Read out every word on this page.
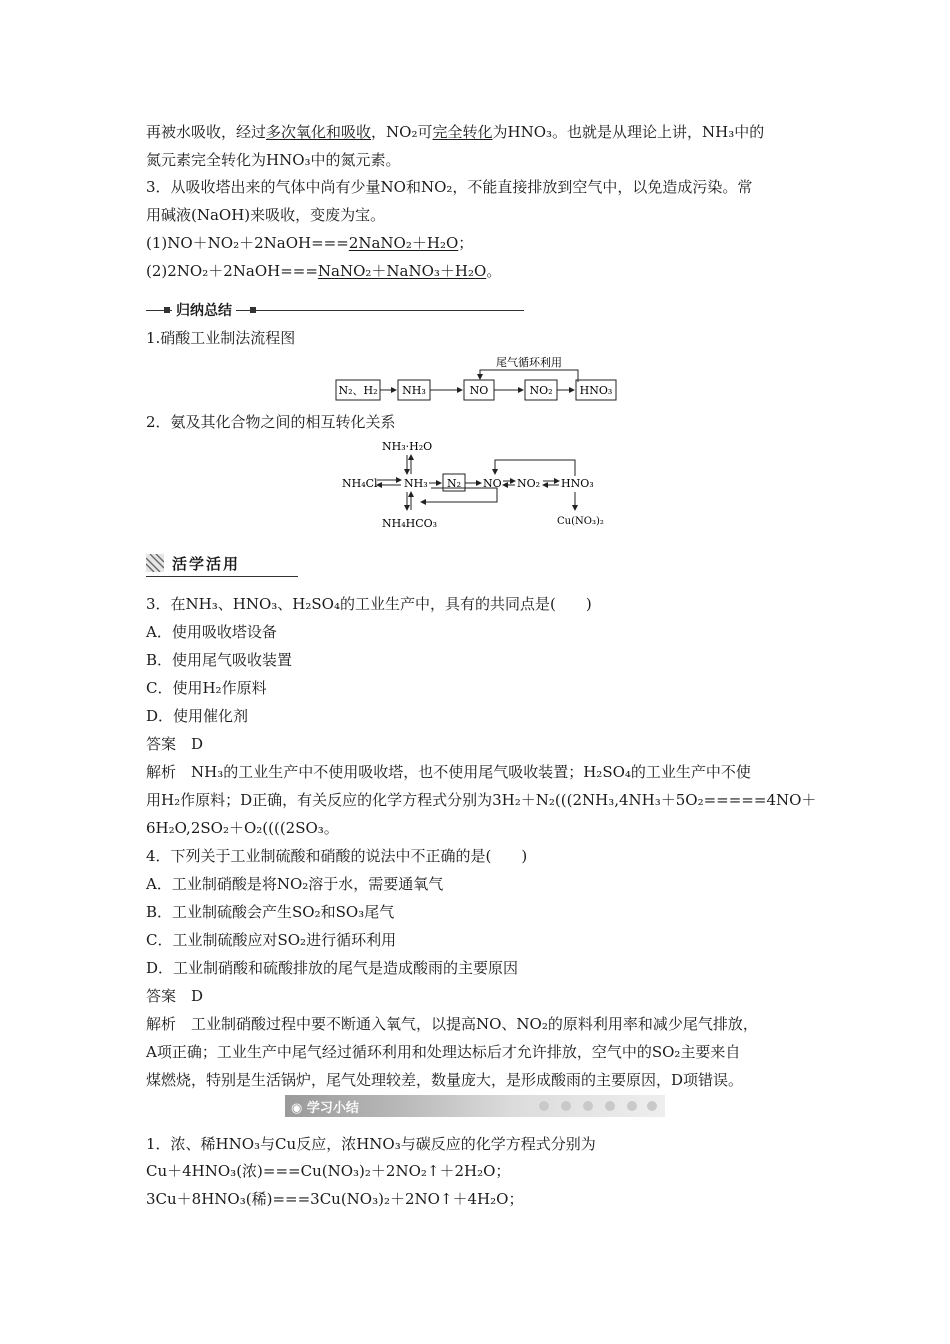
再被水吸收，经过多次氧化和吸收，NO₂可完全转化为HNO₃。也就是从理论上讲，NH₃中的
氮元素完全转化为HNO₃中的氮元素。
3．从吸收塔出来的气体中尚有少量NO和NO₂，不能直接排放到空气中，以免造成污染。常
用碱液(NaOH)来吸收，变废为宝。
(1)NO＋NO₂＋2NaOH===2NaNO₂＋H₂O；
(2)2NO₂＋2NaOH===NaNO₂＋NaNO₃＋H₂O。
归纳总结
1.硝酸工业制法流程图
尾气循环利用
N₂、H₂ NH₃	NO	NO₂ HNO₃
2．氨及其化合物之间的相互转化关系
NH₃·H₂O
NH₄Cl NH₃ N₂ NO NO₂ HNO₃
Cu(NO₃)₂
NH₄HCO₃
活学活用
3．在NH₃、HNO₃、H₂SO₄的工业生产中，具有的共同点是(　　)
A．使用吸收塔设备
B．使用尾气吸收装置
C．使用H₂作原料
D．使用催化剂
答案　D
解析　NH₃的工业生产中不使用吸收塔，也不使用尾气吸收装置；H₂SO₄的工业生产中不使
用H₂作原料；D正确，有关反应的化学方程式分别为3H₂＋N₂(((2NH₃,4NH₃＋5O₂=====4NO＋
6H₂O,2SO₂＋O₂((((2SO₃。
4．下列关于工业制硫酸和硝酸的说法中不正确的是(　　)
A．工业制硝酸是将NO₂溶于水，需要通氧气
B．工业制硫酸会产生SO₂和SO₃尾气
C．工业制硫酸应对SO₂进行循环利用
D．工业制硝酸和硫酸排放的尾气是造成酸雨的主要原因
答案　D
解析　工业制硝酸过程中要不断通入氧气，以提高NO、NO₂的原料利用率和减少尾气排放，
A项正确；工业生产中尾气经过循环利用和处理达标后才允许排放，空气中的SO₂主要来自
煤燃烧，特别是生活锅炉，尾气处理较差，数量庞大，是形成酸雨的主要原因，D项错误。
◉ 学习小结
1．浓、稀HNO₃与Cu反应，浓HNO₃与碳反应的化学方程式分别为
Cu＋4HNO₃(浓)===Cu(NO₃)₂＋2NO₂↑＋2H₂O；
3Cu＋8HNO₃(稀)===3Cu(NO₃)₂＋2NO↑＋4H₂O；
